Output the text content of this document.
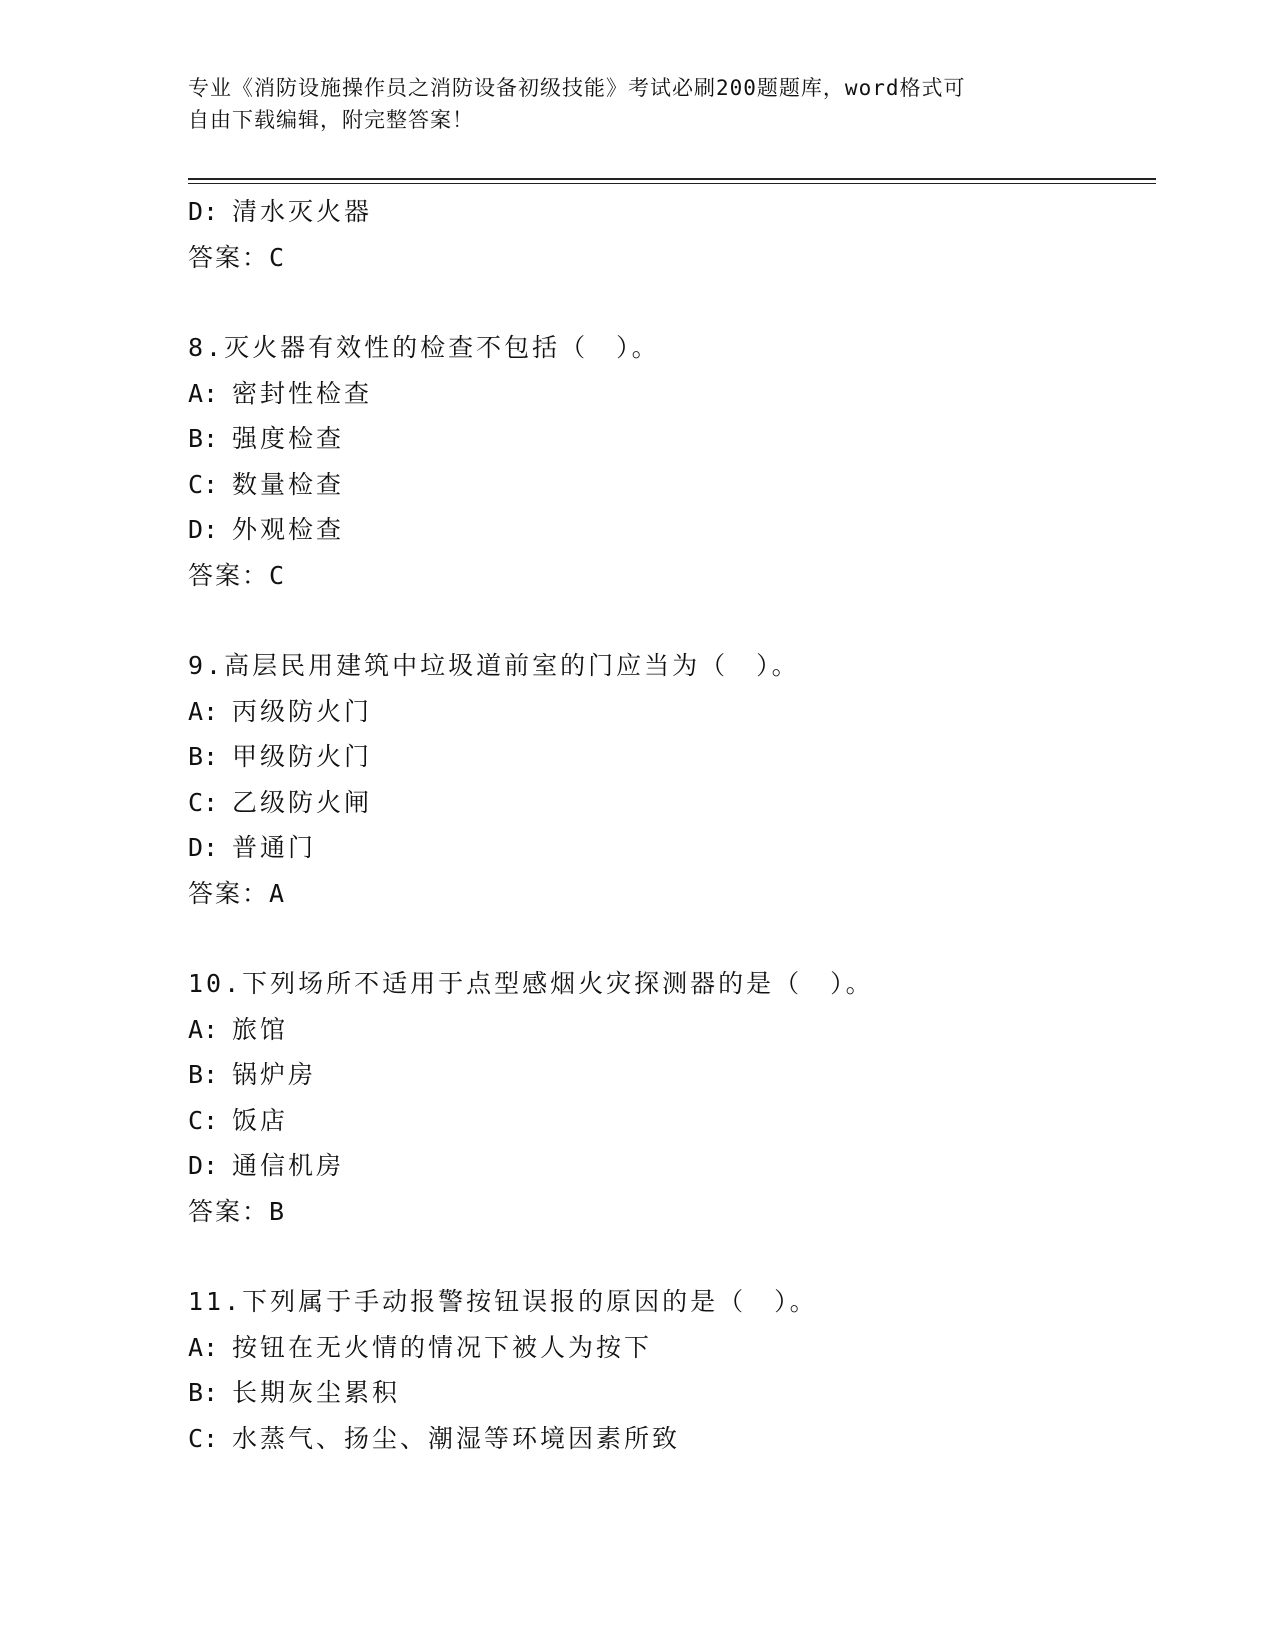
专业《消防设施操作员之消防设备初级技能》考试必刷200题题库，word格式可
自由下载编辑，附完整答案！
D: 清水灭火器
答案：C
8.灭火器有效性的检查不包括（　）。
A: 密封性检查
B: 强度检查
C: 数量检查
D: 外观检查
答案：C
9.高层民用建筑中垃圾道前室的门应当为（　）。
A: 丙级防火门
B: 甲级防火门
C: 乙级防火闸
D: 普通门
答案：A
10.下列场所不适用于点型感烟火灾探测器的是（　）。
A: 旅馆
B: 锅炉房
C: 饭店
D: 通信机房
答案：B
11.下列属于手动报警按钮误报的原因的是（　）。
A: 按钮在无火情的情况下被人为按下
B: 长期灰尘累积
C: 水蒸气、扬尘、潮湿等环境因素所致
